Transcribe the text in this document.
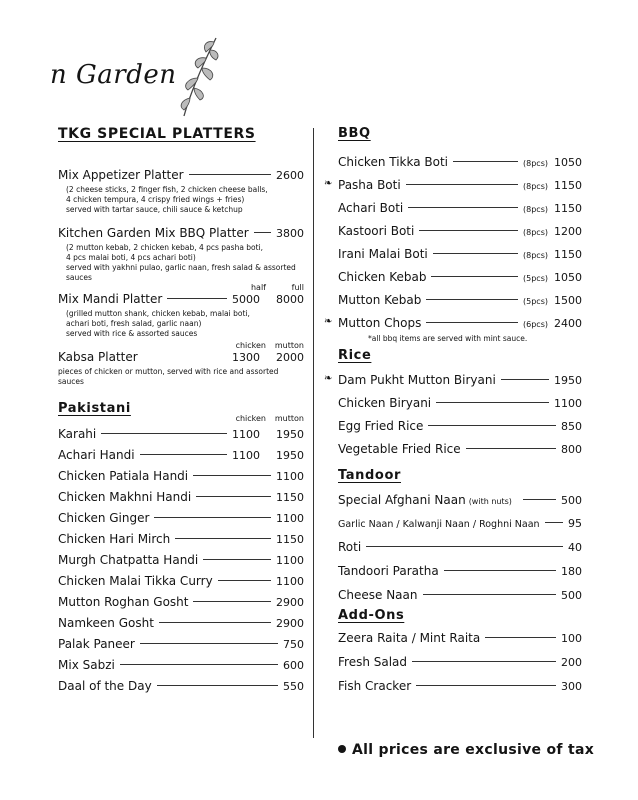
n Garden
TKG SPECIAL PLATTERS
Mix Appetizer Platter	2600
(2 cheese sticks, 2 finger fish, 2 chicken cheese balls,
4 chicken tempura, 4 crispy fried wings + fries)
served with tartar sauce, chili sauce & ketchup
Kitchen Garden Mix BBQ Platter 3800
(2 mutton kebab, 2 chicken kebab, 4 pcs pasha boti,
4 pcs malai boti, 4 pcs achari boti)
served with yakhni pulao, garlic naan, fresh salad & assorted sauces
half	full
Mix Mandi Platter	5000 8000
(grilled mutton shank, chicken kebab, malai boti,
achari boti, fresh salad, garlic naan)
served with rice & assorted sauces
chicken	mutton
Kabsa Platter	1300 2000
pieces of chicken or mutton, served with rice and assorted sauces
Pakistani
chicken	mutton
Karahi	1100 1950
Achari Handi	1100 1950
Chicken Patiala Handi	1100
Chicken Makhni Handi	1150
Chicken Ginger	1100
Chicken Hari Mirch	1150
Murgh Chatpatta Handi	1100
Chicken Malai Tikka Curry	1100
Mutton Roghan Gosht	2900
Namkeen Gosht	2900
Palak Paneer	750
Mix Sabzi	600
Daal of the Day	550
BBQ
Chicken Tikka Boti	(8pcs) 1050
❧ Pasha Boti	(8pcs) 1150
Achari Boti	(8pcs) 1150
Kastoori Boti	(8pcs) 1200
Irani Malai Boti	(8pcs) 1150
Chicken Kebab	(5pcs) 1050
Mutton Kebab	(5pcs) 1500
❧ Mutton Chops	(6pcs) 2400
*all bbq items are served with mint sauce.
Rice
❧ Dam Pukht Mutton Biryani	1950
Chicken Biryani	1100
Egg Fried Rice	850
Vegetable Fried Rice	800
Tandoor
Special Afghani Naan (with nuts)	500
Garlic Naan / Kalwanji Naan / Roghni Naan	95
Roti	40
Tandoori Paratha	180
Cheese Naan	500
Add-Ons
Zeera Raita / Mint Raita	100
Fresh Salad	200
Fish Cracker	300
All prices are exclusive of tax
